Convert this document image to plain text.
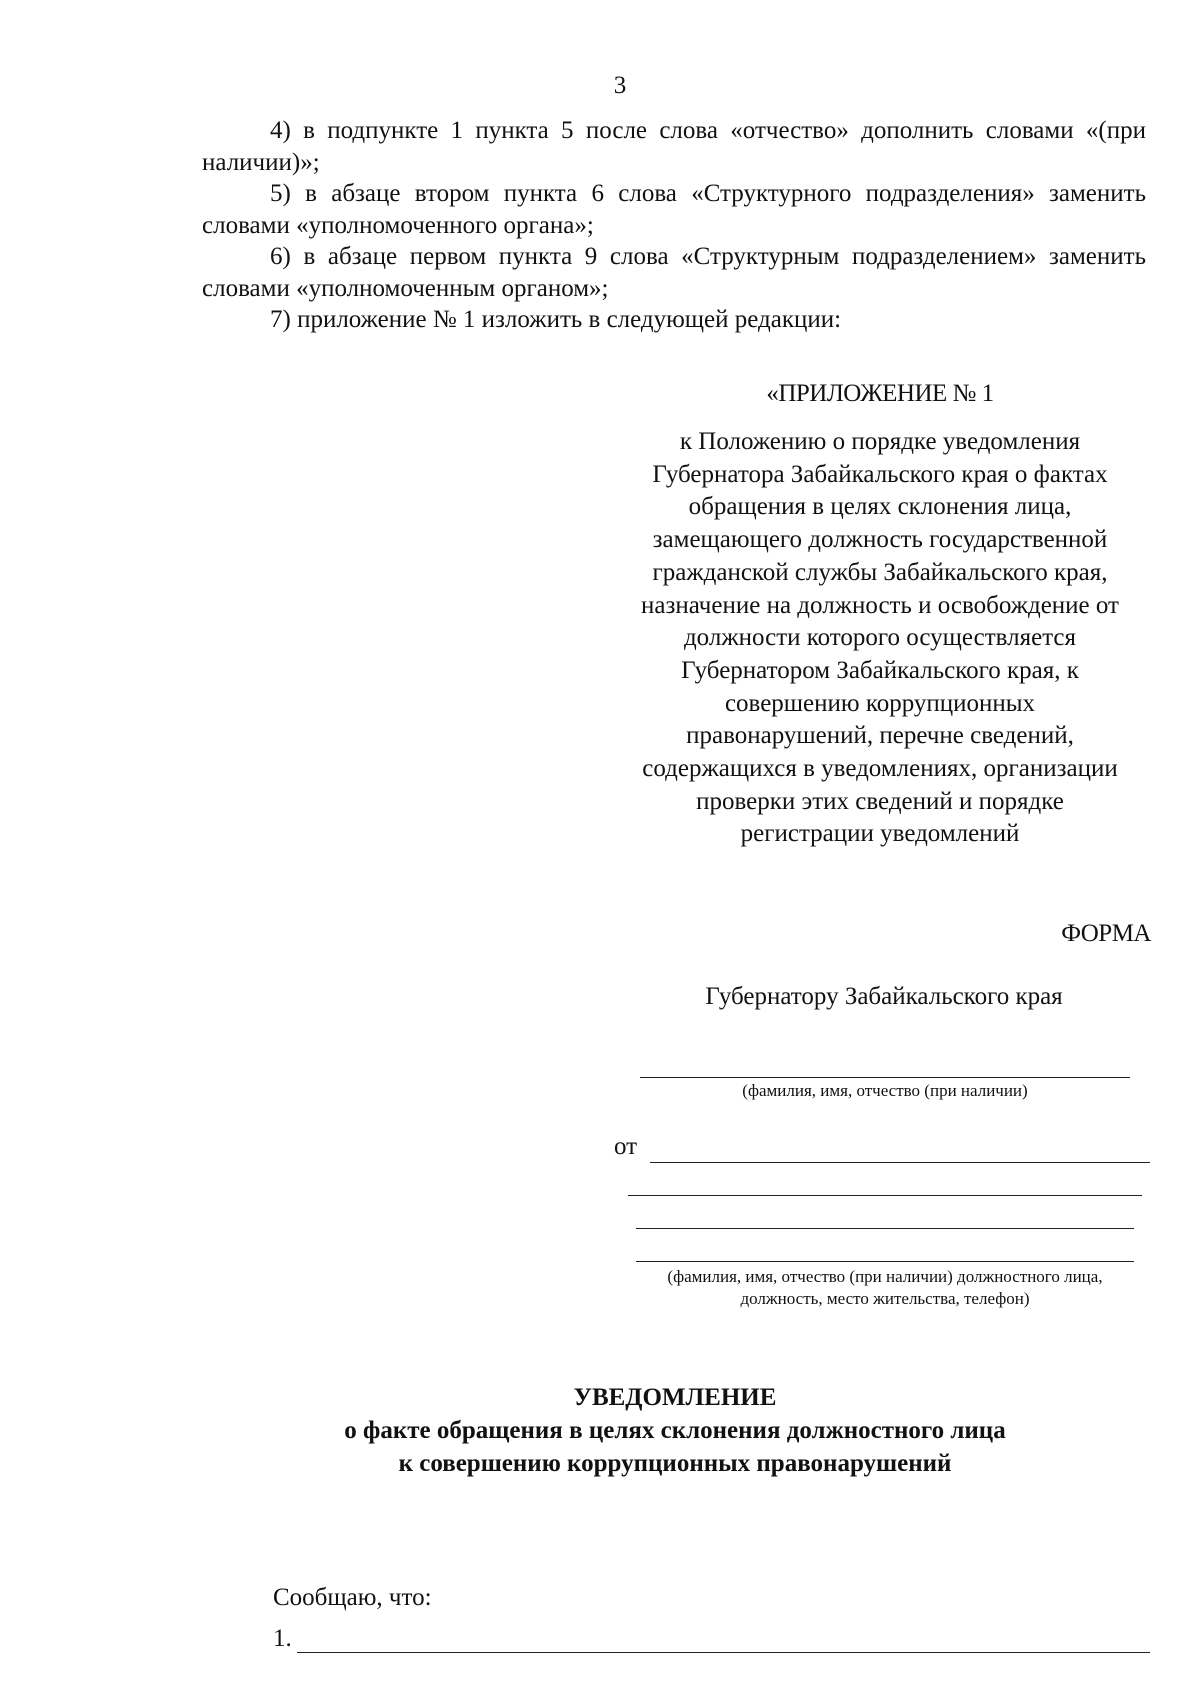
3

4) в подпункте 1 пункта 5 после слова «отчество» дополнить словами «(при наличии)»;

5) в абзаце втором пункта 6 слова «Структурного подразделения» заменить словами «уполномоченного органа»;

6) в абзаце первом пункта 9 слова «Структурным подразделением» заменить словами «уполномоченным органом»;

7) приложение № 1 изложить в следующей редакции:

«ПРИЛОЖЕНИЕ № 1
к Положению о порядке уведомления
Губернатора Забайкальского края о фактах
обращения в целях склонения лица,
замещающего должность государственной
гражданской службы Забайкальского края,
назначение на должность и освобождение от
должности которого осуществляется
Губернатором Забайкальского края, к
совершению коррупционных
правонарушений, перечне сведений,
содержащихся в уведомлениях, организации
проверки этих сведений и порядке
регистрации уведомлений
ФОРМА
Губернатору Забайкальского края
(фамилия, имя, отчество (при наличии)
от
(фамилия, имя, отчество (при наличии) должностного лица,
должность, место жительства, телефон)
УВЕДОМЛЕНИЕ
о факте обращения в целях склонения должностного лица
к совершению коррупционных правонарушений
Сообщаю, что:
1.
